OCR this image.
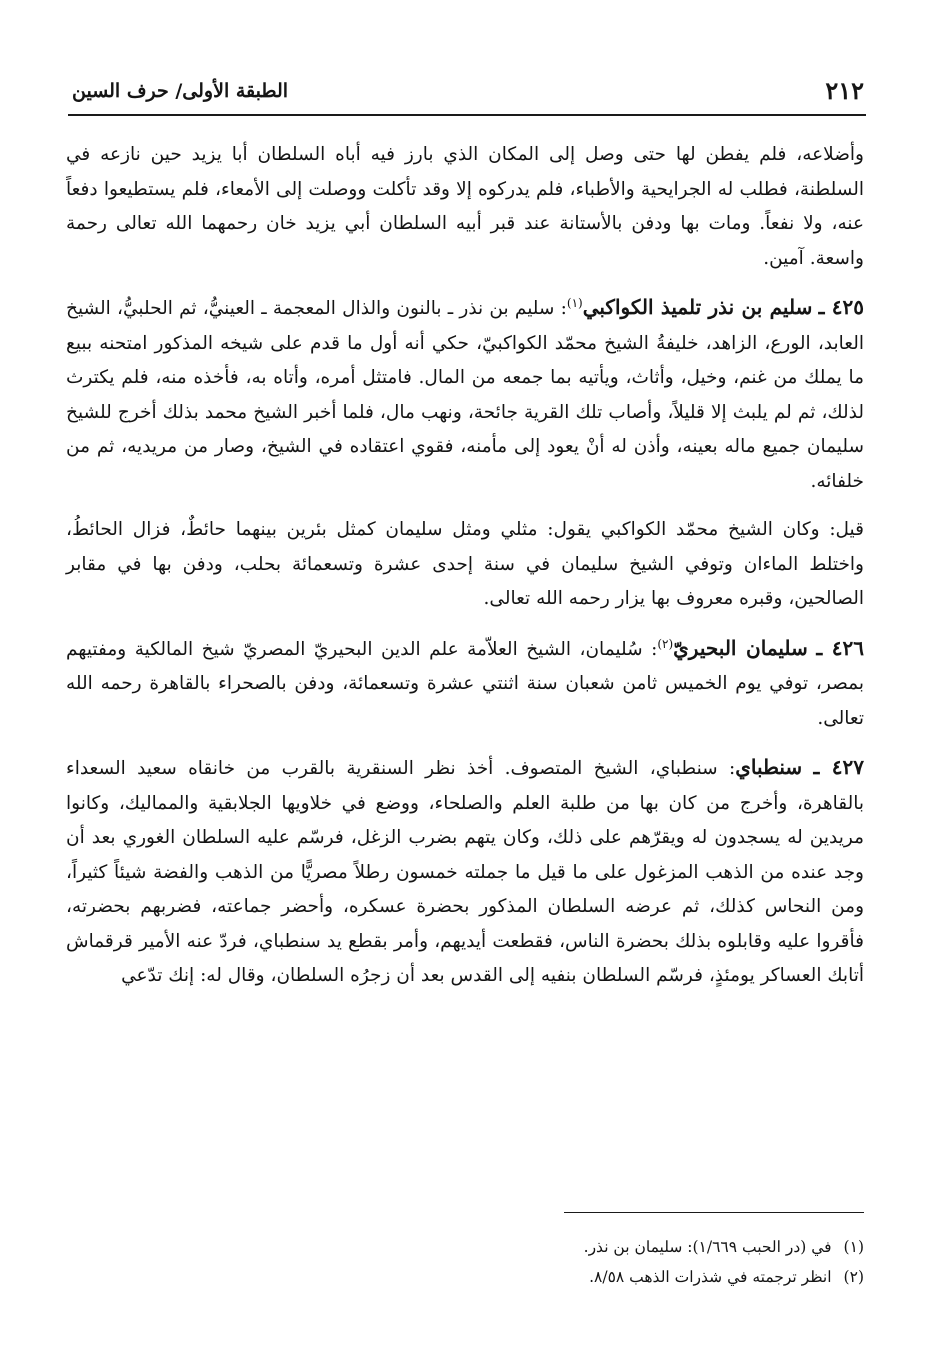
٢١٢
الطبقة الأولى/ حرف السين

وأضلاعه، فلم يفطن لها حتى وصل إلى المكان الذي بارز فيه أباه السلطان أبا يزيد حين نازعه في السلطنة، فطلب له الجرايحية والأطباء، فلم يدركوه إلا وقد تأكلت ووصلت إلى الأمعاء، فلم يستطيعوا دفعاً عنه، ولا نفعاً. ومات بها ودفن بالأستانة عند قبر أبيه السلطان أبي يزيد خان رحمهما الله تعالى رحمة واسعة. آمين.

٤٢٥ ـ سليم بن نذر تلميذ الكواكبي$^{(١)}$: سليم بن نذر ـ بالنون والذال المعجمة ـ العينيُّ، ثم الحلبيُّ، الشيخ العابد، الورع، الزاهد، خليفةُ الشيخ محمّد الكواكبيّ، حكي أنه أول ما قدم على شيخه المذكور امتحنه ببيع ما يملك من غنم، وخيل، وأثاث، ويأتيه بما جمعه من المال. فامتثل أمره، وأتاه به، فأخذه منه، فلم يكترث لذلك، ثم لم يلبث إلا قليلاً، وأصاب تلك القرية جائحة، ونهب مال، فلما أخبر الشيخ محمد بذلك أخرج للشيخ سليمان جميع ماله بعينه، وأذن له أنْ يعود إلى مأمنه، فقوي اعتقاده في الشيخ، وصار من مريديه، ثم من خلفائه.

قيل: وكان الشيخ محمّد الكواكبي يقول: مثلي ومثل سليمان كمثل بئرين بينهما حائطٌ، فزال الحائطُ، واختلط الماءان وتوفي الشيخ سليمان في سنة إحدى عشرة وتسعمائة بحلب، ودفن بها في مقابر الصالحين، وقبره معروف بها يزار رحمه الله تعالى.

٤٢٦ ـ سليمان البحيريّ$^{(٢)}$: سُليمان، الشيخ العلاّمة علم الدين البحيريّ المصريّ شيخ المالكية ومفتيهم بمصر، توفي يوم الخميس ثامن شعبان سنة اثنتي عشرة وتسعمائة، ودفن بالصحراء بالقاهرة رحمه الله تعالى.

٤٢٧ ـ سنطباي: سنطباي، الشيخ المتصوف. أخذ نظر السنقرية بالقرب من خانقاه سعيد السعداء بالقاهرة، وأخرج من كان بها من طلبة العلم والصلحاء، ووضع في خلاويها الجلابقية والمماليك، وكانوا مريدين له يسجدون له ويقرّهم على ذلك، وكان يتهم بضرب الزغل، فرسّم عليه السلطان الغوري بعد أن وجد عنده من الذهب المزغول على ما قيل ما جملته خمسون رطلاً مصريًّا من الذهب والفضة شيئاً كثيراً، ومن النحاس كذلك، ثم عرضه السلطان المذكور بحضرة عسكره، وأحضر جماعته، فضربهم بحضرته، فأقروا عليه وقابلوه بذلك بحضرة الناس، فقطعت أيديهم، وأمر بقطع يد سنطباي، فردّ عنه الأمير قرقماش أتابك العساكر يومئذٍ، فرسّم السلطان بنفيه إلى القدس بعد أن زجرُه السلطان، وقال له: إنك تدّعي

(١)
في (در الحبب ١/٦٦٩): سليمان بن نذر.
(٢)
انظر ترجمته في شذرات الذهب ٨/٥٨.
